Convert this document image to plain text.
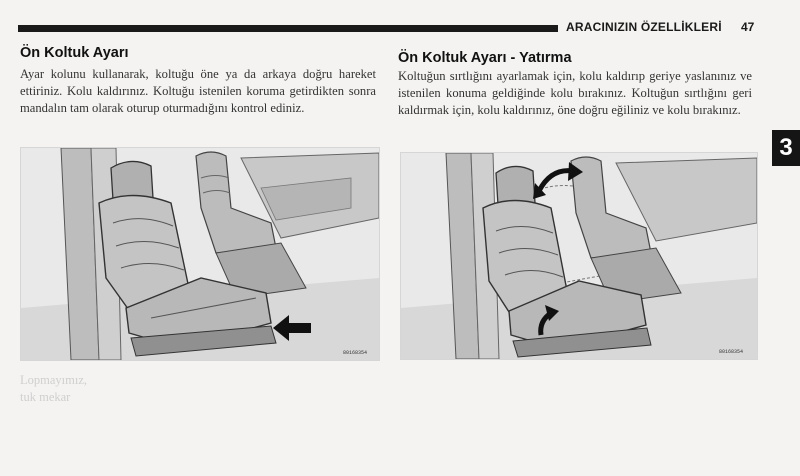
ARACINIZIN ÖZELLİKLERİ 47
3
Ön Koltuk Ayarı
Ayar kolunu kullanarak, koltuğu öne ya da arkaya doğru hareket ettiriniz. Kolu kaldırınız. Koltuğu istenilen koruma getirdikten sonra mandalın tam olarak oturup oturmadığını kontrol ediniz.
80168354
Ön Koltuk Ayarı - Yatırma
Koltuğun sırtlığını ayarlamak için, kolu kaldırıp geriye yaslanınız ve istenilen konuma geldiğinde kolu bırakınız. Koltuğun sırtlığını geri kaldırmak için, kolu kaldırınız, öne doğru eğiliniz ve kolu bırakınız.
80168354
Lopmayımız,
tuk mekar
